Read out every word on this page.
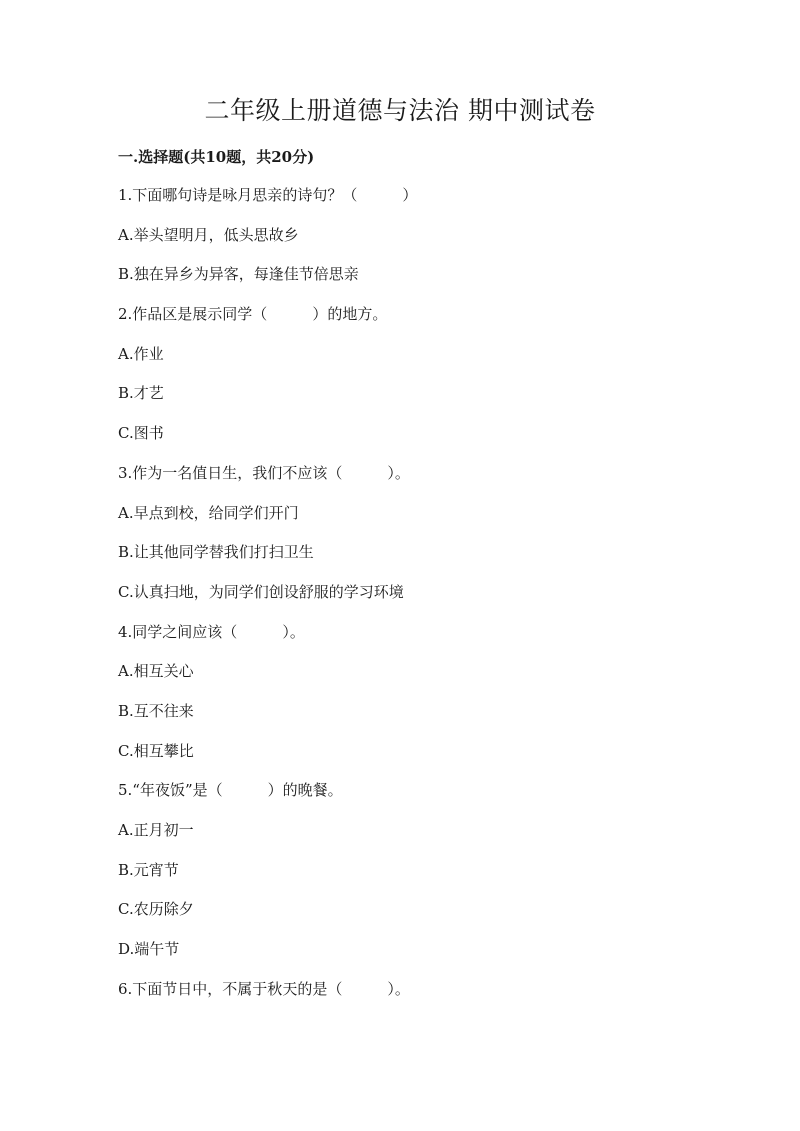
二年级上册道德与法治 期中测试卷
一.选择题(共10题，共20分)
1.下面哪句诗是咏月思亲的诗句？（　　　）
A.举头望明月，低头思故乡
B.独在异乡为异客，每逢佳节倍思亲
2.作品区是展示同学（　　　）的地方。
A.作业
B.才艺
C.图书
3.作为一名值日生，我们不应该（　　　）。
A.早点到校，给同学们开门
B.让其他同学替我们打扫卫生
C.认真扫地，为同学们创设舒服的学习环境
4.同学之间应该（　　　）。
A.相互关心
B.互不往来
C.相互攀比
5.“年夜饭”是（　　　）的晚餐。
A.正月初一
B.元宵节
C.农历除夕
D.端午节
6.下面节日中，不属于秋天的是（　　　）。
